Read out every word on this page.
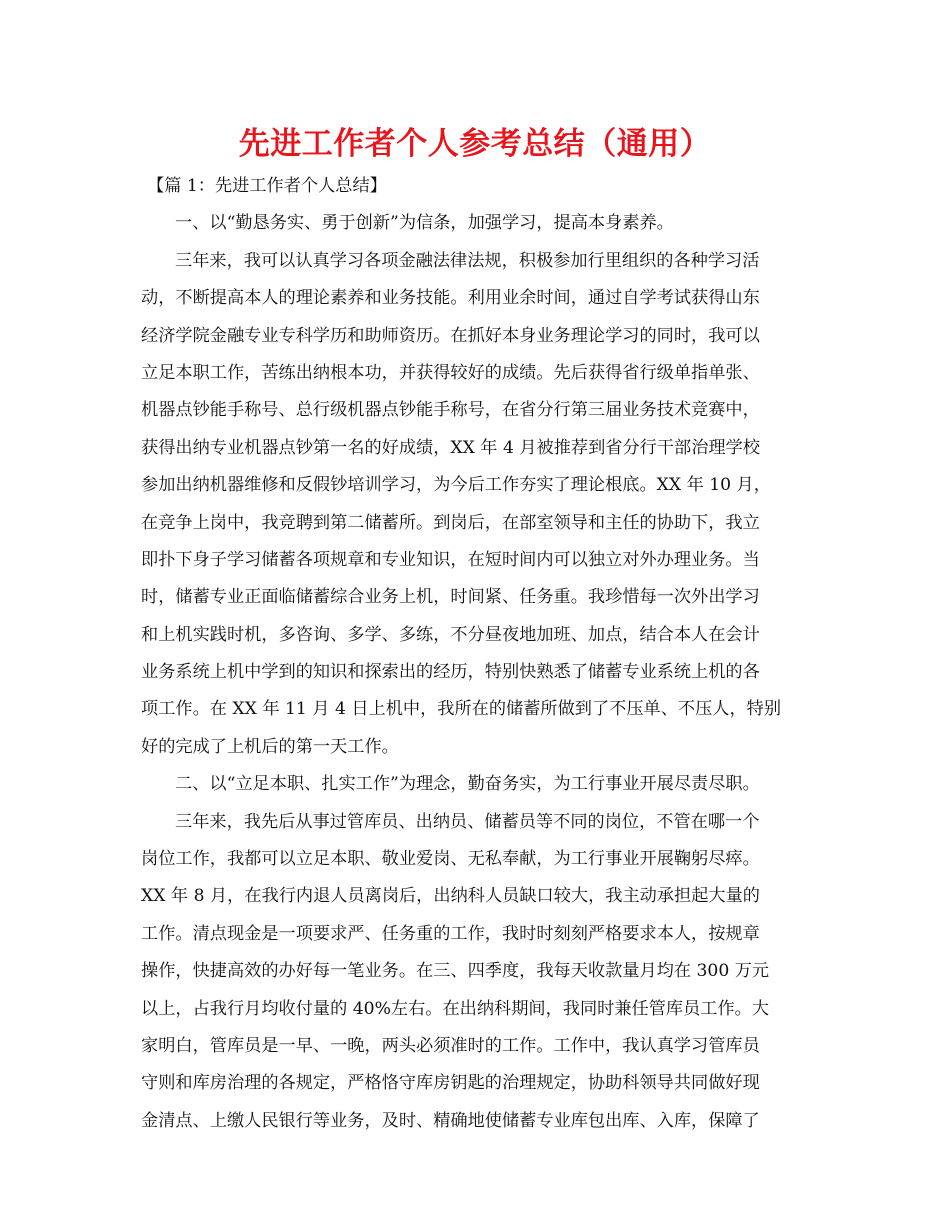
先进工作者个人参考总结（通用）
【篇 1：先进工作者个人总结】
一、以“勤恳务实、勇于创新”为信条，加强学习，提高本身素养。
三年来，我可以认真学习各项金融法律法规，积极参加行里组织的各种学习活
动，不断提高本人的理论素养和业务技能。利用业余时间，通过自学考试获得山东
经济学院金融专业专科学历和助师资历。在抓好本身业务理论学习的同时，我可以
立足本职工作，苦练出纳根本功，并获得较好的成绩。先后获得省行级单指单张、
机器点钞能手称号、总行级机器点钞能手称号，在省分行第三届业务技术竞赛中，
获得出纳专业机器点钞第一名的好成绩，XX 年 4 月被推荐到省分行干部治理学校
参加出纳机器维修和反假钞培训学习，为今后工作夯实了理论根底。XX 年 10 月，
在竞争上岗中，我竞聘到第二储蓄所。到岗后，在部室领导和主任的协助下，我立
即扑下身子学习储蓄各项规章和专业知识，在短时间内可以独立对外办理业务。当
时，储蓄专业正面临储蓄综合业务上机，时间紧、任务重。我珍惜每一次外出学习
和上机实践时机，多咨询、多学、多练，不分昼夜地加班、加点，结合本人在会计
业务系统上机中学到的知识和探索出的经历，特别快熟悉了储蓄专业系统上机的各
项工作。在 XX 年 11 月 4 日上机中，我所在的储蓄所做到了不压单、不压人，特别
好的完成了上机后的第一天工作。
二、以“立足本职、扎实工作”为理念，勤奋务实，为工行事业开展尽责尽职。
三年来，我先后从事过管库员、出纳员、储蓄员等不同的岗位，不管在哪一个
岗位工作，我都可以立足本职、敬业爱岗、无私奉献，为工行事业开展鞠躬尽瘁。
XX 年 8 月，在我行内退人员离岗后，出纳科人员缺口较大，我主动承担起大量的
工作。清点现金是一项要求严、任务重的工作，我时时刻刻严格要求本人，按规章
操作，快捷高效的办好每一笔业务。在三、四季度，我每天收款量月均在 300 万元
以上，占我行月均收付量的 40%左右。在出纳科期间，我同时兼任管库员工作。大
家明白，管库员是一早、一晚，两头必须准时的工作。工作中，我认真学习管库员
守则和库房治理的各规定，严格恪守库房钥匙的治理规定，协助科领导共同做好现
金清点、上缴人民银行等业务，及时、精确地使储蓄专业库包出库、入库，保障了
